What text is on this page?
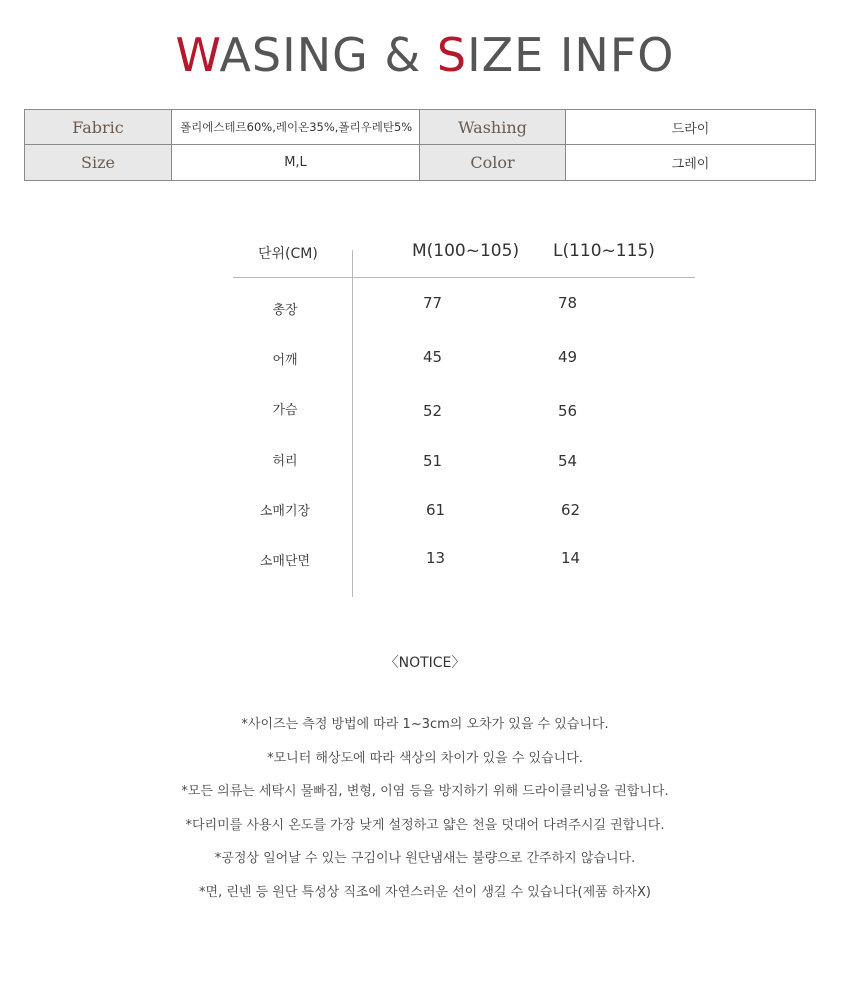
WASING & SIZE INFO
Fabric	폴리에스테르60%,레이온35%,폴리우레탄5%	Washing	드라이
Size	M,L	Color	그레이
단위(CM)	M(100~105) L(110~115)
총장	77	78
어깨	45	49
가슴	52	56
허리	51	54
소매기장	61	62
소매단면	13	14
〈NOTICE〉
*사이즈는 측정 방법에 따라 1~3cm의 오차가 있을 수 있습니다.
*모니터 해상도에 따라 색상의 차이가 있을 수 있습니다.
*모든 의류는 세탁시 물빠짐, 변형, 이염 등을 방지하기 위해 드라이클리닝을 권합니다.
*다리미를 사용시 온도를 가장 낮게 설정하고 얇은 천을 덧대어 다려주시길 권합니다.
*공정상 일어날 수 있는 구김이나 원단냄새는 불량으로 간주하지 않습니다.
*면, 린넨 등 원단 특성상 직조에 자연스러운 선이 생길 수 있습니다(제품 하자X)
